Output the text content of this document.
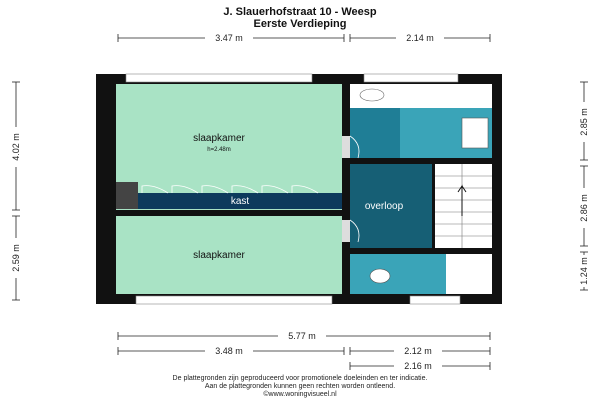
J. Slauerhofstraat 10 - Weesp
Eerste Verdieping
3.47 m	2.14 m
4.02 m
2.59 m
2.85 m
2.86 m
1.24 m
slaapkamer
h=2.48m
kast	overloop
slaapkamer
5.77 m
3.48 m	2.12 m
2.16 m
De plattegronden zijn geproduceerd voor promotionele doeleinden en ter indicatie.
Aan de plattegronden kunnen geen rechten worden ontleend.
©www.woningvisueel.nl
